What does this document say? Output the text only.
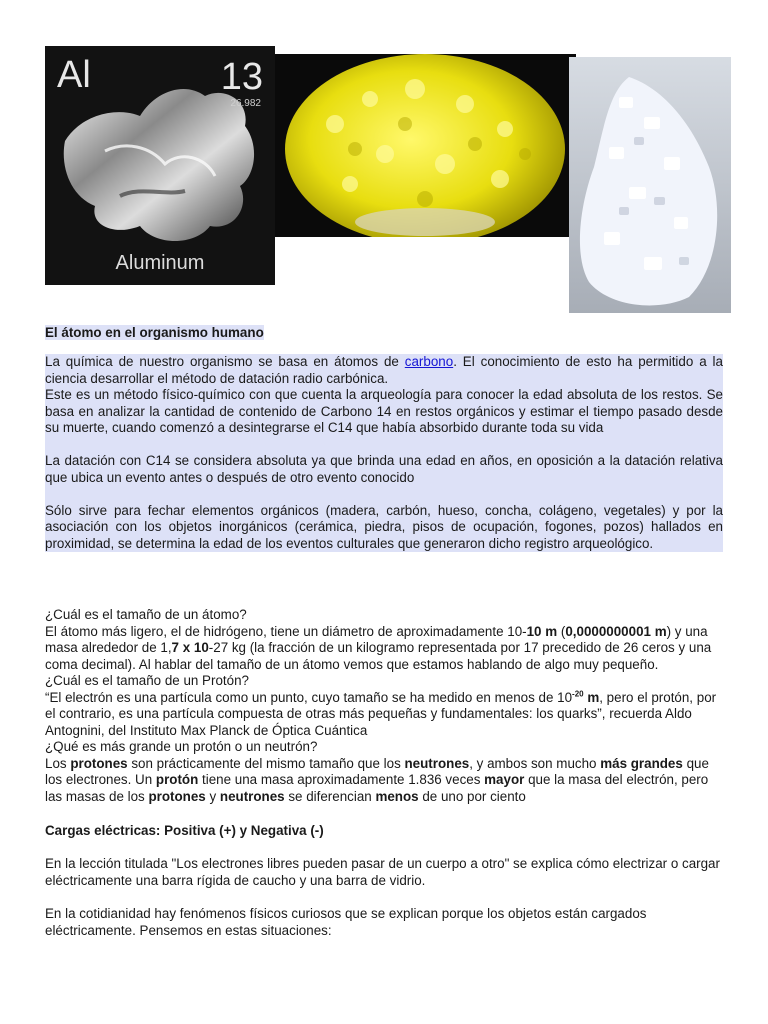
Al	13
26.982
Aluminum
El átomo en el organismo humano
La química de nuestro organismo se basa en átomos de carbono. El conocimiento de esto ha permitido a la ciencia desarrollar el método de datación radio carbónica.
Este es un método físico-químico con que cuenta la arqueología para conocer la edad absoluta de los restos. Se basa en analizar la cantidad de contenido de Carbono 14 en restos orgánicos y estimar el tiempo pasado desde su muerte, cuando comenzó a desintegrarse el C14 que había absorbido durante toda su vida

La datación con C14 se considera absoluta ya que brinda una edad en años, en oposición a la datación relativa que ubica un evento antes o después de otro evento conocido

Sólo sirve para fechar elementos orgánicos (madera, carbón, hueso, concha, colágeno, vegetales) y por la asociación con los objetos inorgánicos (cerámica, piedra, pisos de ocupación, fogones, pozos) hallados en proximidad, se determina la edad de los eventos culturales que generaron dicho registro arqueológico.
¿Cuál es el tamaño de un átomo?
El átomo más ligero, el de hidrógeno, tiene un diámetro de aproximadamente 10-10 m (0,0000000001 m) y una masa alrededor de 1,7 x 10-27 kg (la fracción de un kilogramo representada por 17 precedido de 26 ceros y una coma decimal). Al hablar del tamaño de un átomo vemos que estamos hablando de algo muy pequeño.
¿Cuál es el tamaño de un Protón?
“El electrón es una partícula como un punto, cuyo tamaño se ha medido en menos de $10^{-20}$ m, pero el protón, por el contrario, es una partícula compuesta de otras más pequeñas y fundamentales: los quarks”, recuerda Aldo Antognini, del Instituto Max Planck de Óptica Cuántica
¿Qué es más grande un protón o un neutrón?
Los protones son prácticamente del mismo tamaño que los neutrones, y ambos son mucho más grandes que los electrones. Un protón tiene una masa aproximadamente 1.836 veces mayor que la masa del electrón, pero las masas de los protones y neutrones se diferencian menos de uno por ciento
Cargas eléctricas: Positiva (+) y Negativa (-)
En la lección titulada "Los electrones libres pueden pasar de un cuerpo a otro" se explica cómo electrizar o cargar eléctricamente una barra rígida de caucho y una barra de vidrio.
En la cotidianidad hay fenómenos físicos curiosos que se explican porque los objetos están cargados
eléctricamente. Pensemos en estas situaciones:
